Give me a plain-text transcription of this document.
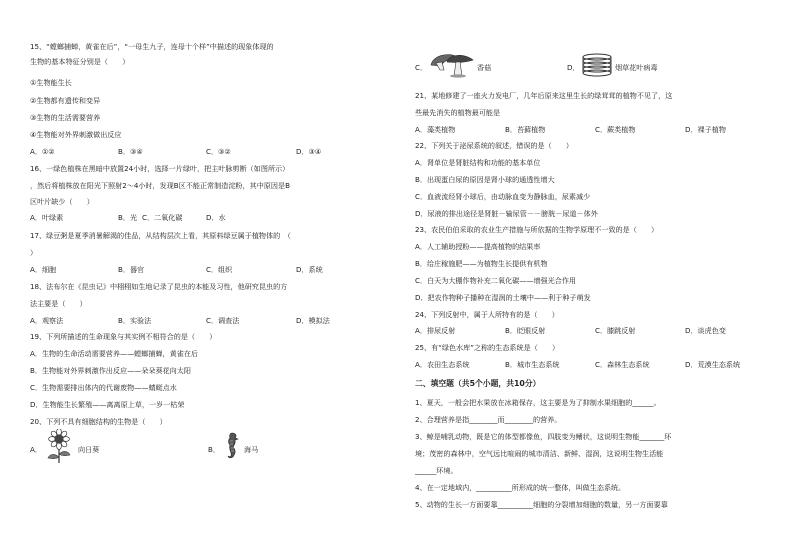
15、“螳螂捕蝉，黄雀在后”，“一母生九子，连母十个样”中描述的现象体现的
生物的基本特征分别是（　　）
①生物能生长
②生物都有遗传和变异
③生物的生活需要营养
④生物能对外界刺激做出反应
A．①②	B．③④	C．③②	D．③④
16、一绿色植株在黑暗中放置24小时，选择一片绿叶，把主叶脉剪断（如图所示）
，然后将植株放在阳光下照射2～4小时，发现B区不能正常制造淀粉，其中原因是B
区叶片缺少（　　）
A．叶绿素	B．光 C．二氧化碳	D．水
17、绿豆粥是夏季消暑解渴的佳品，从结构层次上看，其原料绿豆属于植物体的　（
）
A．细胞	B．器官	C．组织	D．系统
18、法布尔在《昆虫记》中栩栩如生地记录了昆虫的本能及习性，他研究昆虫的方
法主要是（　　）
A．观察法	B．实验法	C．调查法	D．模拟法
19、下列所描述的生命现象与其实例不相符合的是（　　）
A．生物的生命活动需要营养——螳螂捕蝉，黄雀在后
B．生物能对外界刺激作出反应——朵朵葵花向太阳
C．生物需要排出体内的代谢废物——蜻蜓点水
D．生物能生长繁殖——离离原上草，一岁一枯荣
20、下列不具有细胞结构的生物是（　　）
A．	向日葵	B．	海马
C．	香菇	D．	烟草花叶病毒
21、某地修建了一座火力发电厂，几年后原来这里生长的绿茸茸的植物不见了，这
些最先消失的植物最可能是
A．藻类植物	B．苔藓植物	C．蕨类植物	D．裸子植物
22、下列关于泌尿系统的叙述，错误的是（　　）
A．肾单位是肾脏结构和功能的基本单位
B．出现蛋白尿的原因是肾小球的通透性增大
C．血液流经肾小球后，由动脉血变为静脉血，尿素减少
D．尿液的排出途径是肾脏－输尿管－－膀胱－尿道－体外
23、农民伯伯采取的农业生产措施与所依据的生物学原理不一致的是（　　）
A．人工辅助授粉——提高植物的结果率
B．给庄稼施肥——为植物生长提供有机物
C．白天为大棚作物补充二氧化碳——增强光合作用
D．把农作物种子播种在湿润的土壤中——利于种子萌发
24、下列反射中，属于人所特有的是（　　）
A．排尿反射	B．眨眼反射	C．膝跳反射	D．谈虎色变
25、有“绿色水库”之称的生态系统是（　　）
A．农田生态系统	B．城市生态系统	C．森林生态系统	D．荒漠生态系统
二、填空题（共5个小题，共10分）
1、夏天，一般会把水果放在冰箱保存，这主要是为了抑制水果细胞的______。
2、合理营养是指________而________的营养。
3、鲸是哺乳动物，既是它的体型都像鱼，四肢变为鳍状，这说明生物能_______环
境；茂密的森林中，空气远比喧闹的城市清洁、新鲜、湿润，这说明生物生活能
______环境。
4、在一定地域内，__________所形成的统一整体，叫做生态系统。
5、动物的生长一方面要靠__________细胞的分裂增加细胞的数量，另一方面要靠
